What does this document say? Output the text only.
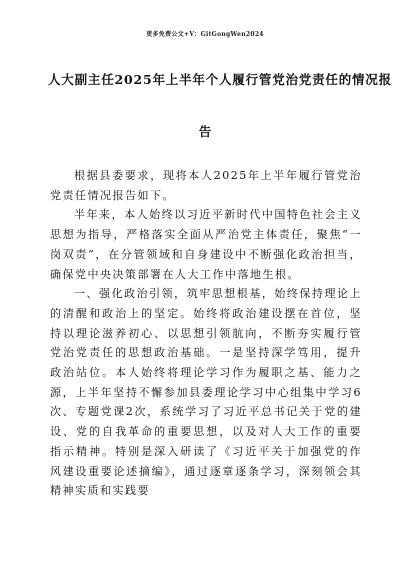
更多免费公文+V：GitGongWen2024
人大副主任2025年上半年个人履行管党治党责任的情况报
告

根据县委要求，现将本人2025年上半年履行管党治党责任情况报告如下。

半年来，本人始终以习近平新时代中国特色社会主义思想为指导，严格落实全面从严治党主体责任，聚焦“一岗双责”，在分管领域和自身建设中不断强化政治担当，确保党中央决策部署在人大工作中落地生根。

一、强化政治引领，筑牢思想根基，始终保持理论上的清醒和政治上的坚定。始终将政治建设摆在首位，坚持以理论滋养初心、以思想引领航向，不断夯实履行管党治党责任的思想政治基础。一是坚持深学笃用，提升政治站位。本人始终将理论学习作为履职之基、能力之源，上半年坚持不懈参加县委理论学习中心组集中学习6次、专题党课2次，系统学习了习近平总书记关于党的建设、党的自我革命的重要思想，以及对人大工作的重要指示精神。特别是深入研读了《习近平关于加强党的作风建设重要论述摘编》，通过逐章逐条学习，深刻领会其精神实质和实践要
